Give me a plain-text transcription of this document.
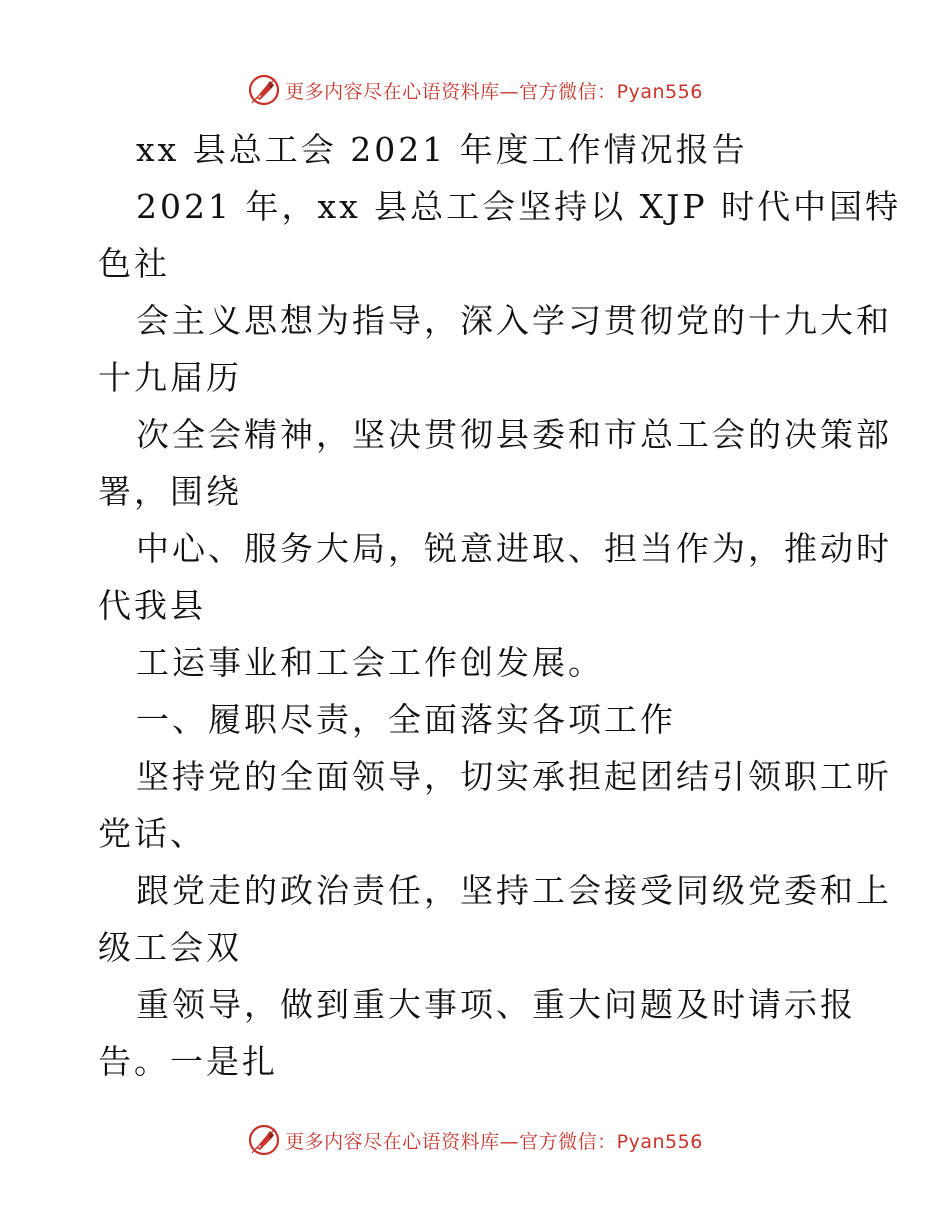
更多内容尽在心语资料库—官方微信：Pyan556
xx 县总工会 2021 年度工作情况报告
2021 年，xx 县总工会坚持以 XJP 时代中国特
色社
会主义思想为指导，深入学习贯彻党的十九大和
十九届历
次全会精神，坚决贯彻县委和市总工会的决策部
署，围绕
中心、服务大局，锐意进取、担当作为，推动时
代我县
工运事业和工会工作创发展。
一、履职尽责，全面落实各项工作
坚持党的全面领导，切实承担起团结引领职工听
党话、
跟党走的政治责任，坚持工会接受同级党委和上
级工会双
重领导，做到重大事项、重大问题及时请示报
告。一是扎
更多内容尽在心语资料库—官方微信：Pyan556
